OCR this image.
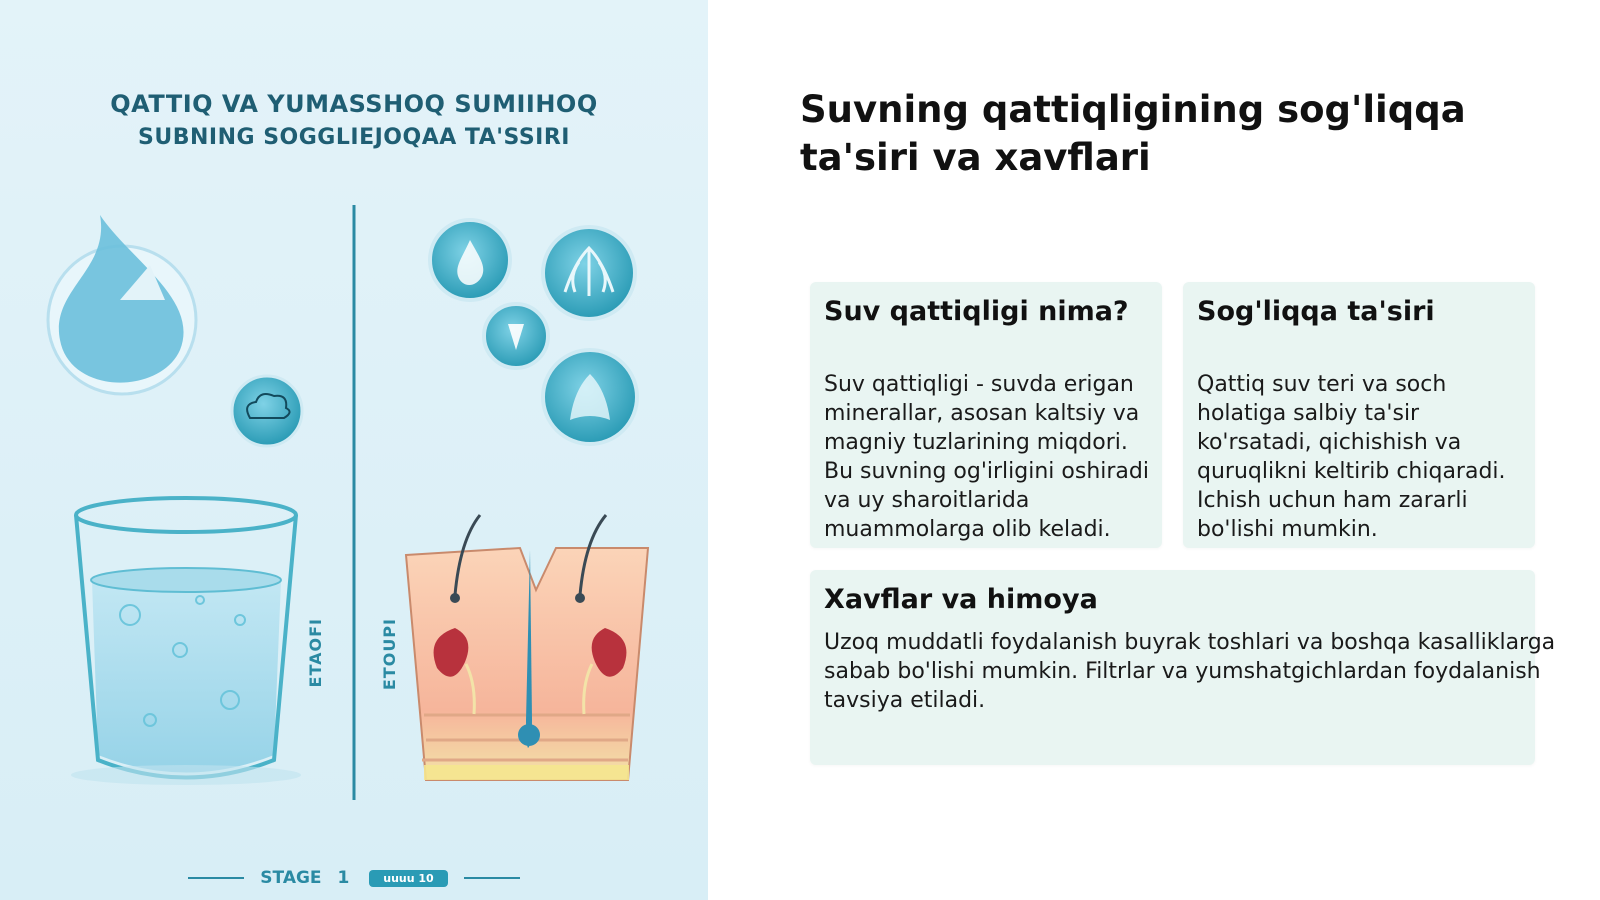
QATTIQ VA YUMASSHOQ SUMIIHOQ
SUBNING SOGGLIEJOQAA TA'SSIRI
ETAOFI	ETOUPI
STAGE 1	uuuu 10
Suvning qattiqligining sog'liqqa ta'siri va xavflari
Suv qattiqligi nima?

Suv qattiqligi - suvda erigan minerallar, asosan kaltsiy va magniy tuzlarining miqdori. Bu suvning og'irligini oshiradi va uy sharoitlarida muammolarga olib keladi.

Sog'liqqa ta'siri

Qattiq suv teri va soch holatiga salbiy ta'sir ko'rsatadi, qichishish va quruqlikni keltirib chiqaradi. Ichish uchun ham zararli bo'lishi mumkin.

Xavflar va himoya

Uzoq muddatli foydalanish buyrak toshlari va boshqa kasalliklarga sabab bo'lishi mumkin. Filtrlar va yumshatgichlardan foydalanish tavsiya etiladi.
